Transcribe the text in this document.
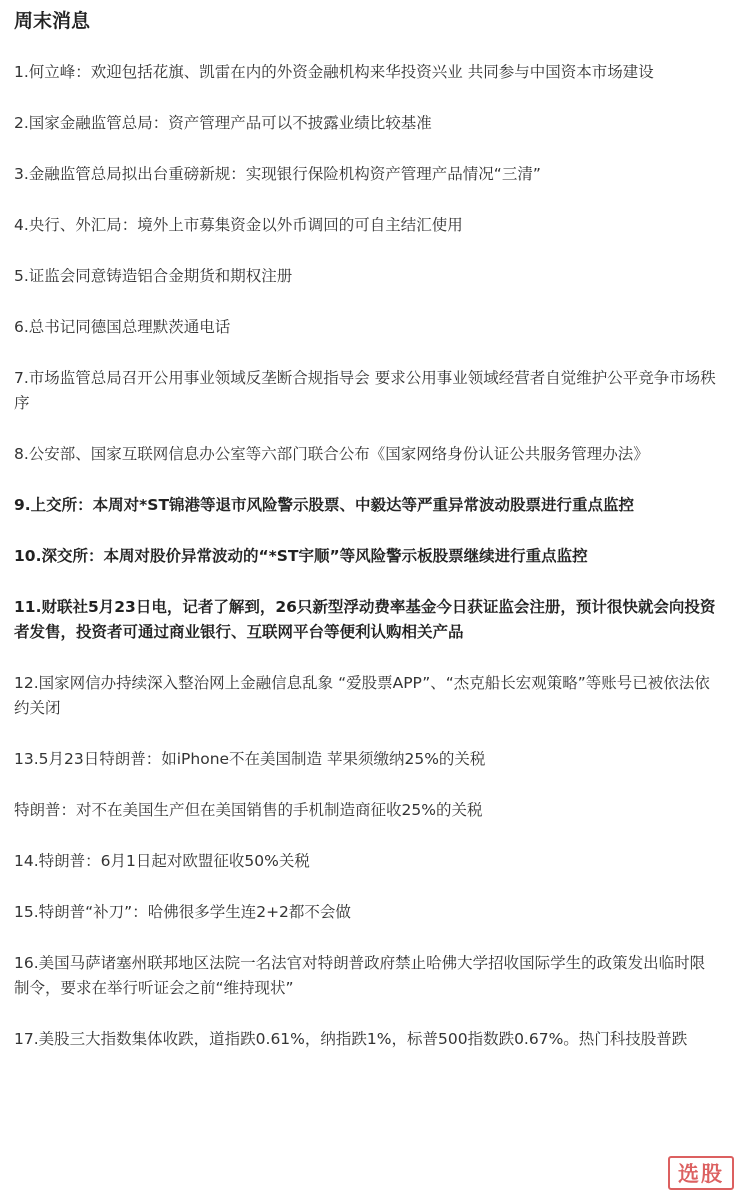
周末消息
1.何立峰：欢迎包括花旗、凯雷在内的外资金融机构来华投资兴业 共同参与中国资本市场建设
2.国家金融监管总局：资产管理产品可以不披露业绩比较基准
3.金融监管总局拟出台重磅新规：实现银行保险机构资产管理产品情况“三清”
4.央行、外汇局：境外上市募集资金以外币调回的可自主结汇使用
5.证监会同意铸造铝合金期货和期权注册
6.总书记同德国总理默茨通电话
7.市场监管总局召开公用事业领域反垄断合规指导会 要求公用事业领域经营者自觉维护公平竞争市场秩序
8.公安部、国家互联网信息办公室等六部门联合公布《国家网络身份认证公共服务管理办法》
9.上交所：本周对*ST锦港等退市风险警示股票、中毅达等严重异常波动股票进行重点监控
10.深交所：本周对股价异常波动的“*ST宇顺”等风险警示板股票继续进行重点监控
11.财联社5月23日电，记者了解到，26只新型浮动费率基金今日获证监会注册，预计很快就会向投资者发售，投资者可通过商业银行、互联网平台等便利认购相关产品
12.国家网信办持续深入整治网上金融信息乱象 “爱股票APP”、“杰克船长宏观策略”等账号已被依法依约关闭
13.5月23日特朗普：如iPhone不在美国制造 苹果须缴纳25%的关税
特朗普：对不在美国生产但在美国销售的手机制造商征收25%的关税
14.特朗普：6月1日起对欧盟征收50%关税
15.特朗普“补刀”：哈佛很多学生连2+2都不会做
16.美国马萨诸塞州联邦地区法院一名法官对特朗普政府禁止哈佛大学招收国际学生的政策发出临时限制令，要求在举行听证会之前“维持现状”
17.美股三大指数集体收跌，道指跌0.61%，纳指跌1%，标普500指数跌0.67%。热门科技股普跌
选股
